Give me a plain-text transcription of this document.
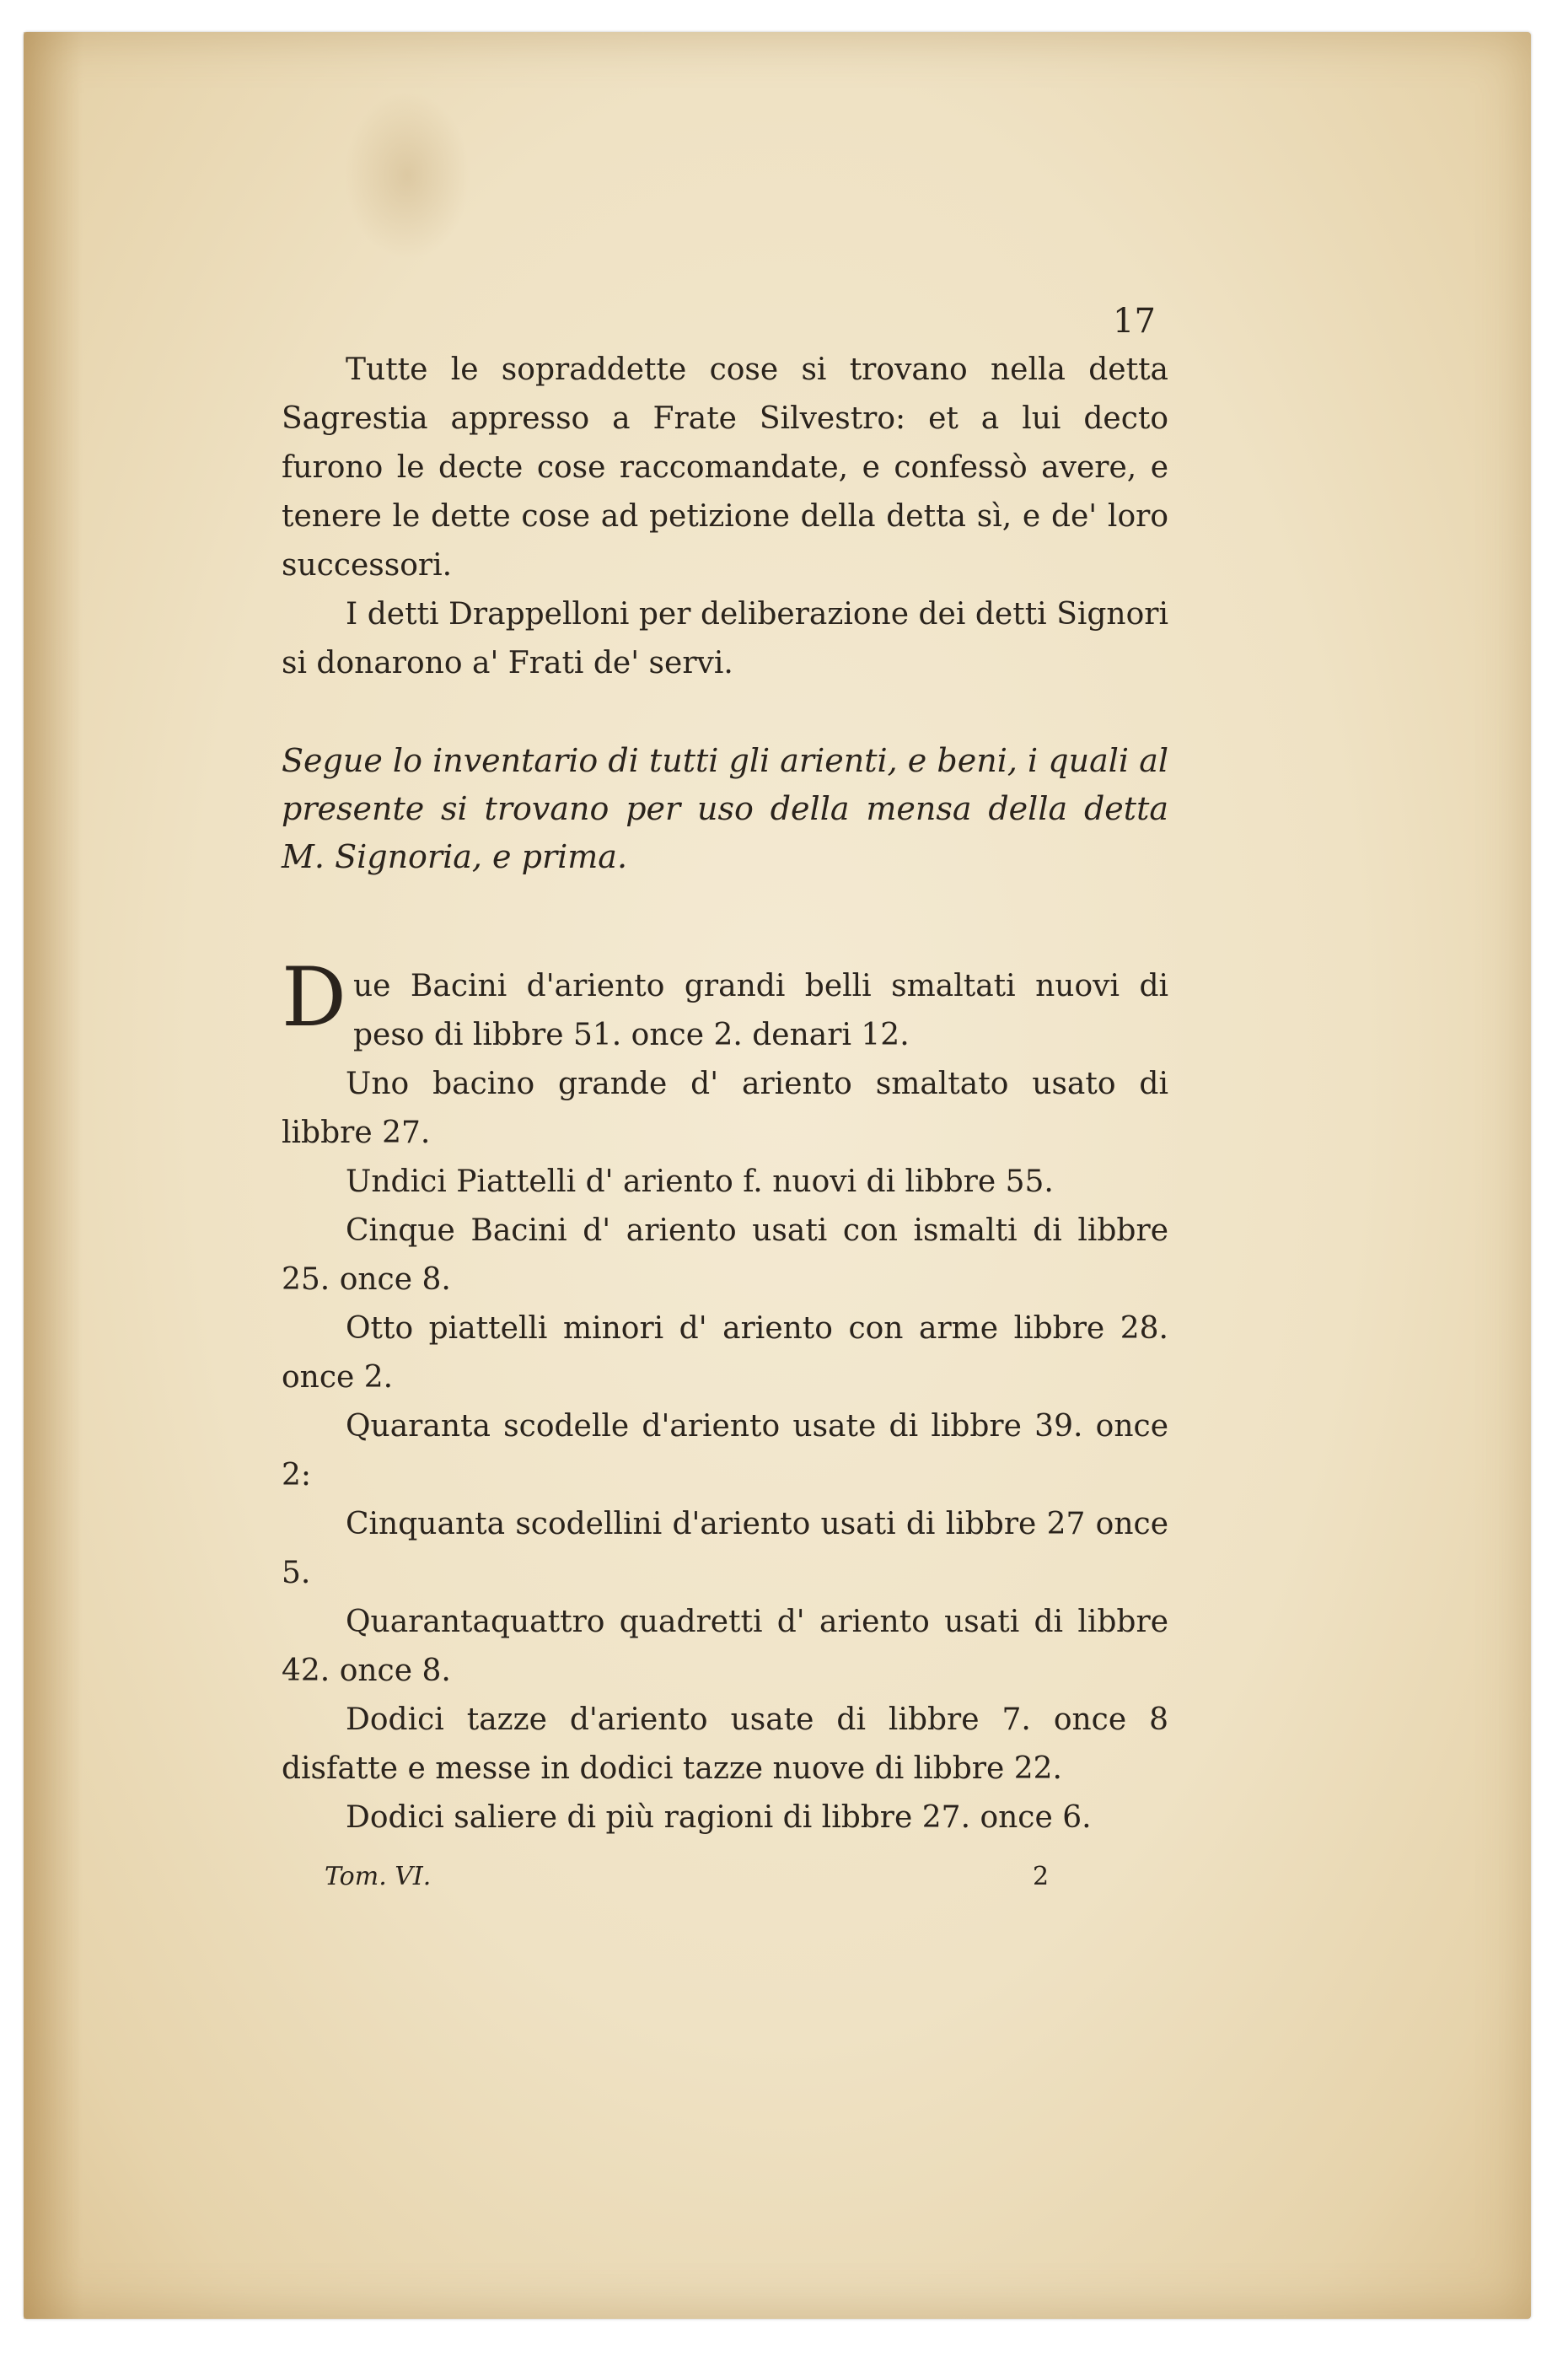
17

Tutte le sopraddette cose si trovano nella detta Sagrestia appresso a Frate Silvestro: et a lui decto furono le decte cose raccomandate, e confessò avere, e tenere le dette cose ad petizione della detta sì, e de' loro successori.

I detti Drappelloni per deliberazione dei detti Signori si donarono a' Frati de' servi.

Segue lo inventario di tutti gli arienti, e beni, i quali al presente si trovano per uso della mensa della detta M. Signoria, e prima.

Due Bacini d'ariento grandi belli smaltati nuovi di peso di libbre 51. once 2. denari 12.

Uno bacino grande d' ariento smaltato usato di libbre 27.

Undici Piattelli d' ariento f. nuovi di libbre 55.

Cinque Bacini d' ariento usati con ismalti di libbre 25. once 8.

Otto piattelli minori d' ariento con arme libbre 28. once 2.

Quaranta scodelle d'ariento usate di libbre 39. once 2:

Cinquanta scodellini d'ariento usati di libbre 27 once 5.

Quarantaquattro quadretti d' ariento usati di libbre 42. once 8.

Dodici tazze d'ariento usate di libbre 7. once 8 disfatte e messe in dodici tazze nuove di libbre 22.

Dodici saliere di più ragioni di libbre 27. once 6.

Tom. VI.	2
